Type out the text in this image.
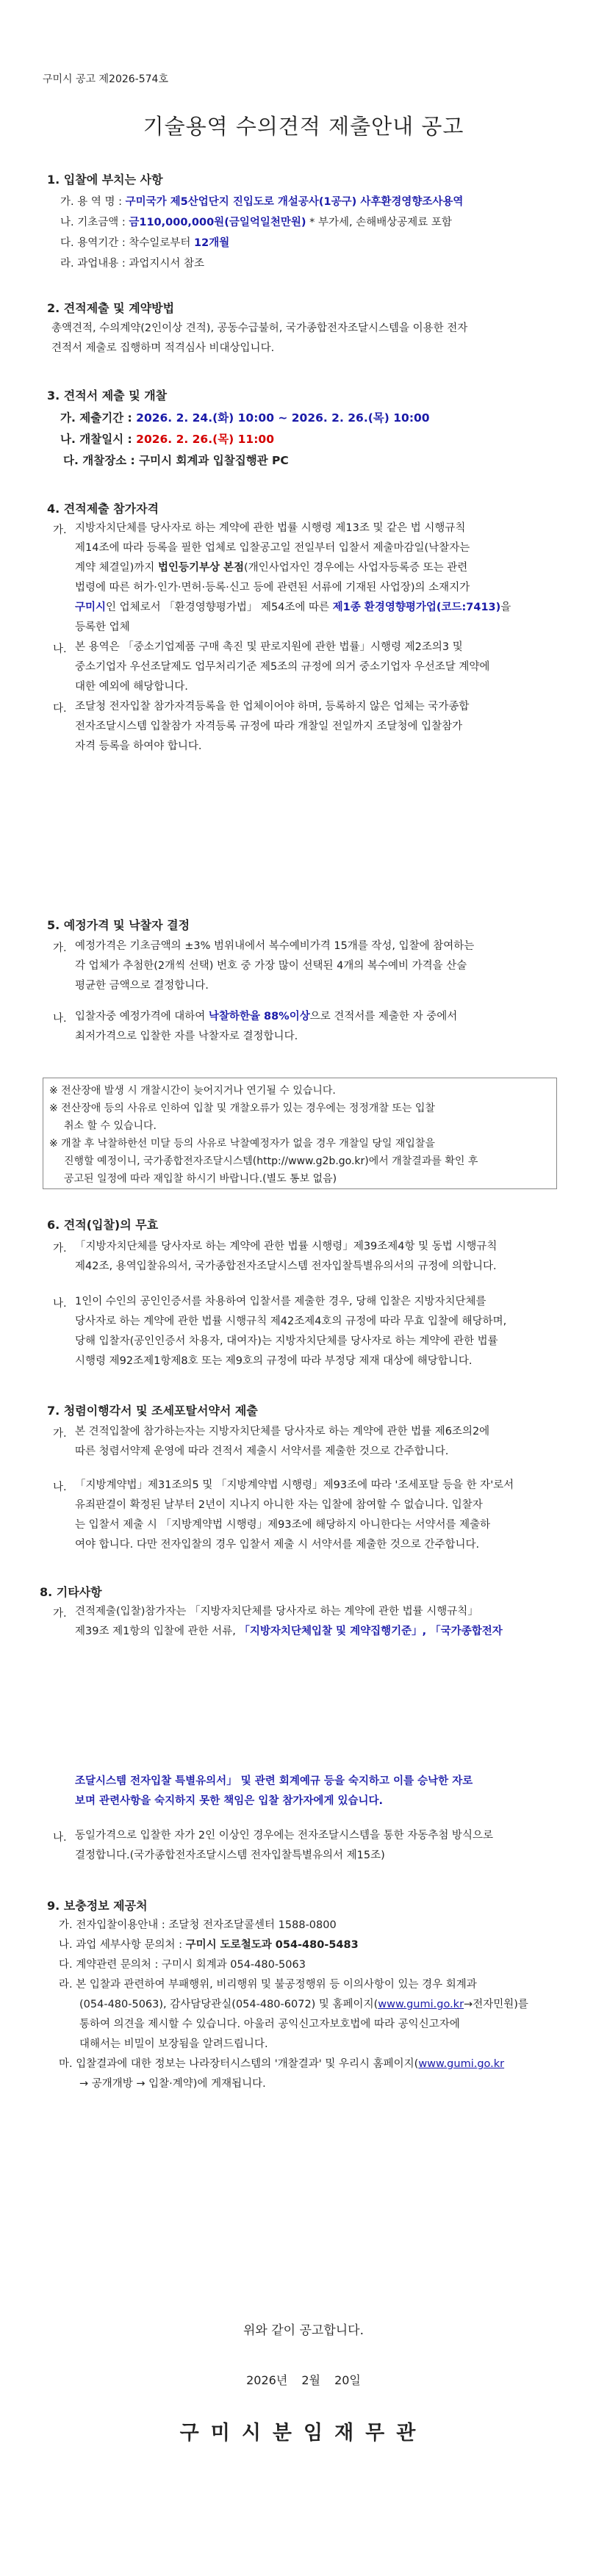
구미시 공고 제2026-574호
기술용역 수의견적 제출안내 공고
1. 입찰에 부치는 사항
가. 용 역 명 : 구미국가 제5산업단지 진입도로 개설공사(1공구) 사후환경영향조사용역
나. 기초금액 : 금110,000,000원(금일억일천만원) * 부가세, 손해배상공제료 포함
다. 용역기간 : 착수일로부터 12개월
라. 과업내용 : 과업지시서 참조
2. 견적제출 및 계약방법
총액견적, 수의계약(2인이상 견적), 공동수급불허, 국가종합전자조달시스템을 이용한 전자
견적서 제출로 집행하며 적격심사 비대상입니다.
3. 견적서 제출 및 개찰
가. 제출기간 : 2026. 2. 24.(화) 10:00 ~ 2026. 2. 26.(목) 10:00
나. 개찰일시 : 2026. 2. 26.(목) 11:00
다. 개찰장소 : 구미시 회계과 입찰집행관 PC
4. 견적제출 참가자격
가. 지방자치단체를 당사자로 하는 계약에 관한 법률 시행령 제13조 및 같은 법 시행규칙
제14조에 따라 등록을 필한 업체로 입찰공고일 전일부터 입찰서 제출마감일(낙찰자는
계약 체결일)까지 법인등기부상 본점(개인사업자인 경우에는 사업자등록증 또는 관련
법령에 따른 허가·인가·면허·등록·신고 등에 관련된 서류에 기재된 사업장)의 소재지가
구미시인 업체로서 「환경영향평가법」 제54조에 따른 제1종 환경영향평가업(코드:7413)을
등록한 업체
나. 본 용역은 「중소기업제품 구매 촉진 및 판로지원에 관한 법률」시행령 제2조의3 및
중소기업자 우선조달제도 업무처리기준 제5조의 규정에 의거 중소기업자 우선조달 계약에
대한 예외에 해당합니다.
다. 조달청 전자입찰 참가자격등록을 한 업체이어야 하며, 등록하지 않은 업체는 국가종합
전자조달시스템 입찰참가 자격등록 규정에 따라 개찰일 전일까지 조달청에 입찰참가
자격 등록을 하여야 합니다.
5. 예정가격 및 낙찰자 결정
가. 예정가격은 기초금액의 ±3% 범위내에서 복수예비가격 15개를 작성, 입찰에 참여하는
각 업체가 추첨한(2개씩 선택) 번호 중 가장 많이 선택된 4개의 복수예비 가격을 산술
평균한 금액으로 결정합니다.
나. 입찰자중 예정가격에 대하여 낙찰하한율 88%이상으로 견적서를 제출한 자 중에서
최저가격으로 입찰한 자를 낙찰자로 결정합니다.
※ 전산장애 발생 시 개찰시간이 늦어지거나 연기될 수 있습니다.
※ 전산장애 등의 사유로 인하여 입찰 및 개찰오류가 있는 경우에는 정정개찰 또는 입찰
취소 할 수 있습니다.
※ 개찰 후 낙찰하한선 미달 등의 사유로 낙찰예정자가 없을 경우 개찰일 당일 재입찰을
진행할 예정이니, 국가종합전자조달시스템(http://www.g2b.go.kr)에서 개찰결과를 확인 후
공고된 일정에 따라 재입찰 하시기 바랍니다.(별도 통보 없음)
6. 견적(입찰)의 무효
가. 「지방자치단체를 당사자로 하는 계약에 관한 법률 시행령」제39조제4항 및 동법 시행규칙
제42조, 용역입찰유의서, 국가종합전자조달시스템 전자입찰특별유의서의 규정에 의합니다.
나. 1인이 수인의 공인인증서를 차용하여 입찰서를 제출한 경우, 당해 입찰은 지방자치단체를
당사자로 하는 계약에 관한 법률 시행규칙 제42조제4호의 규정에 따라 무효 입찰에 해당하며,
당해 입찰자(공인인증서 차용자, 대여자)는 지방자치단체를 당사자로 하는 계약에 관한 법률
시행령 제92조제1항제8호 또는 제9호의 규정에 따라 부정당 제재 대상에 해당합니다.
7. 청렴이행각서 및 조세포탈서약서 제출
가. 본 견적입찰에 참가하는자는 지방자치단체를 당사자로 하는 계약에 관한 법률 제6조의2에
따른 청렴서약제 운영에 따라 견적서 제출시 서약서를 제출한 것으로 간주합니다.
나. 「지방계약법」제31조의5 및 「지방계약법 시행령」제93조에 따라 '조세포탈 등을 한 자'로서
유죄판결이 확정된 날부터 2년이 지나지 아니한 자는 입찰에 참여할 수 없습니다. 입찰자
는 입찰서 제출 시 「지방계약법 시행령」제93조에 해당하지 아니한다는 서약서를 제출하
여야 합니다. 다만 전자입찰의 경우 입찰서 제출 시 서약서를 제출한 것으로 간주합니다.
8. 기타사항
가. 견적제출(입찰)참가자는 「지방자치단체를 당사자로 하는 계약에 관한 법률 시행규칙」
제39조 제1항의 입찰에 관한 서류, 「지방자치단체입찰 및 계약집행기준」, 「국가종합전자
조달시스템 전자입찰 특별유의서」 및 관련 회계예규 등을 숙지하고 이를 승낙한 자로
보며 관련사항을 숙지하지 못한 책임은 입찰 참가자에게 있습니다.
나. 동일가격으로 입찰한 자가 2인 이상인 경우에는 전자조달시스템을 통한 자동추첨 방식으로
결정합니다.(국가종합전자조달시스템 전자입찰특별유의서 제15조)
9. 보충정보 제공처
가. 전자입찰이용안내 : 조달청 전자조달콜센터 1588-0800
나. 과업 세부사항 문의처 : 구미시 도로철도과 054-480-5483
다. 계약관련 문의처 : 구미시 회계과 054-480-5063
라. 본 입찰과 관련하여 부패행위, 비리행위 및 불공정행위 등 이의사항이 있는 경우 회계과
(054-480-5063), 감사담당관실(054-480-6072) 및 홈페이지(www.gumi.go.kr→전자민원)를
통하여 의견을 제시할 수 있습니다. 아울러 공익신고자보호법에 따라 공익신고자에
대해서는 비밀이 보장됨을 알려드립니다.
마. 입찰결과에 대한 정보는 나라장터시스템의 '개찰결과' 및 우리시 홈페이지(www.gumi.go.kr
→ 공개개방 → 입찰·계약)에 게재됩니다.
위와 같이 공고합니다.
2026년 2월 20일
구미시분임재무관
